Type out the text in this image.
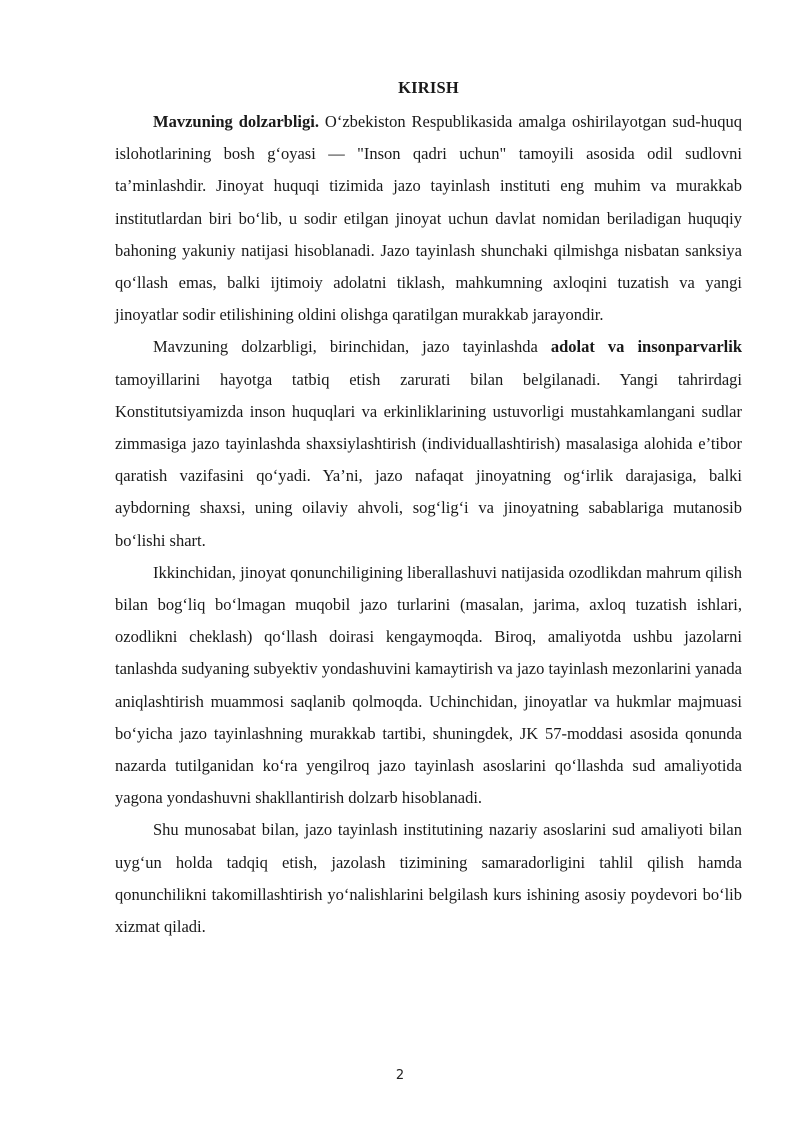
KIRISH

Mavzuning dolzarbligi. O‘zbekiston Respublikasida amalga oshirilayotgan sud-huquq islohotlarining bosh g‘oyasi — "Inson qadri uchun" tamoyili asosida odil sudlovni ta’minlashdir. Jinoyat huquqi tizimida jazo tayinlash instituti eng muhim va murakkab institutlardan biri bo‘lib, u sodir etilgan jinoyat uchun davlat nomidan beriladigan huquqiy bahoning yakuniy natijasi hisoblanadi. Jazo tayinlash shunchaki qilmishga nisbatan sanksiya qo‘llash emas, balki ijtimoiy adolatni tiklash, mahkumning axloqini tuzatish va yangi jinoyatlar sodir etilishining oldini olishga qaratilgan murakkab jarayondir.

Mavzuning dolzarbligi, birinchidan, jazo tayinlashda adolat va insonparvarlik tamoyillarini hayotga tatbiq etish zarurati bilan belgilanadi. Yangi tahrirdagi Konstitutsiyamizda inson huquqlari va erkinliklarining ustuvorligi mustahkamlangani sudlar zimmasiga jazo tayinlashda shaxsiylashtirish (individuallashtirish) masalasiga alohida e’tibor qaratish vazifasini qo‘yadi. Ya’ni, jazo nafaqat jinoyatning og‘irlik darajasiga, balki aybdorning shaxsi, uning oilaviy ahvoli, sog‘lig‘i va jinoyatning sabablariga mutanosib bo‘lishi shart.

Ikkinchidan, jinoyat qonunchiligining liberallashuvi natijasida ozodlikdan mahrum qilish bilan bog‘liq bo‘lmagan muqobil jazo turlarini (masalan, jarima, axloq tuzatish ishlari, ozodlikni cheklash) qo‘llash doirasi kengaymoqda. Biroq, amaliyotda ushbu jazolarni tanlashda sudyaning subyektiv yondashuvini kamaytirish va jazo tayinlash mezonlarini yanada aniqlashtirish muammosi saqlanib qolmoqda. Uchinchidan, jinoyatlar va hukmlar majmuasi bo‘yicha jazo tayinlashning murakkab tartibi, shuningdek, JK 57-moddasi asosida qonunda nazarda tutilganidan ko‘ra yengilroq jazo tayinlash asoslarini qo‘llashda sud amaliyotida yagona yondashuvni shakllantirish dolzarb hisoblanadi.

Shu munosabat bilan, jazo tayinlash institutining nazariy asoslarini sud amaliyoti bilan uyg‘un holda tadqiq etish, jazolash tizimining samaradorligini tahlil qilish hamda qonunchilikni takomillashtirish yo‘nalishlarini belgilash kurs ishining asosiy poydevori bo‘lib xizmat qiladi.

2
